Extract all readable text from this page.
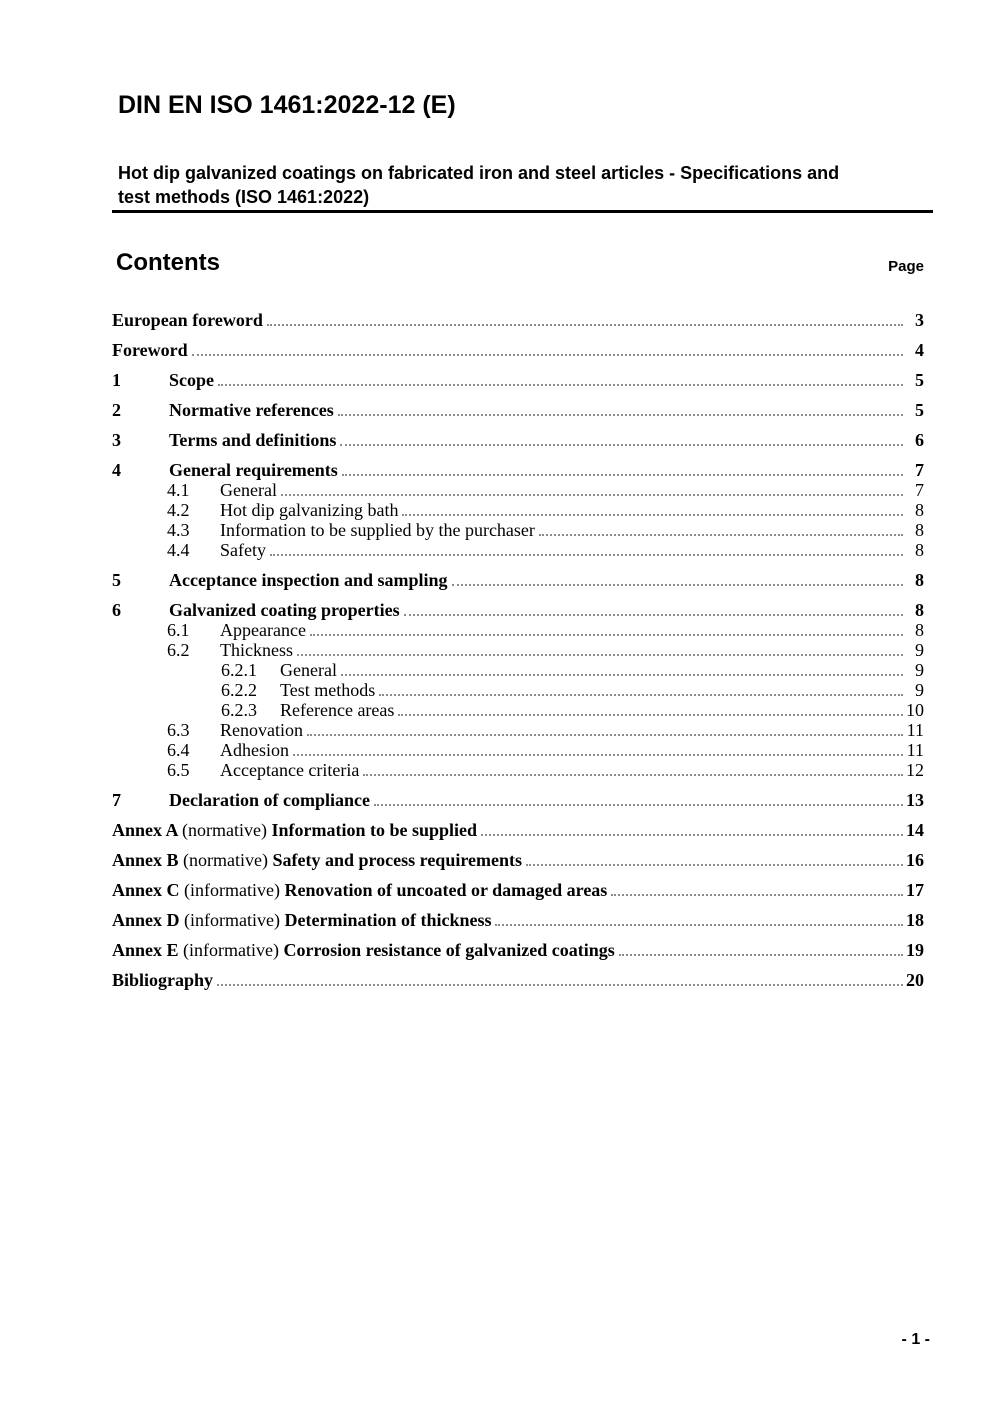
DIN EN ISO 1461:2022-12 (E)
Hot dip galvanized coatings on fabricated iron and steel articles - Specifications and
test methods (ISO 1461:2022)
Contents	Page
European foreword	3
Foreword	4
1	Scope	5
2	Normative references	5
3	Terms and definitions	6
4	General requirements	7
4.1	General	7
4.2	Hot dip galvanizing bath	8
4.3	Information to be supplied by the purchaser	8
4.4	Safety	8
5	Acceptance inspection and sampling	8
6	Galvanized coating properties	8
6.1	Appearance	8
6.2	Thickness	9
6.2.1	General	9
6.2.2	Test methods	9
6.2.3	Reference areas	10
6.3	Renovation	11
6.4	Adhesion	11
6.5	Acceptance criteria	12
7	Declaration of compliance	13
Annex A (normative) Information to be supplied	14
Annex B (normative) Safety and process requirements	16
Annex C (informative) Renovation of uncoated or damaged areas	17
Annex D (informative) Determination of thickness	18
Annex E (informative) Corrosion resistance of galvanized coatings	19
Bibliography	20
- 1 -
